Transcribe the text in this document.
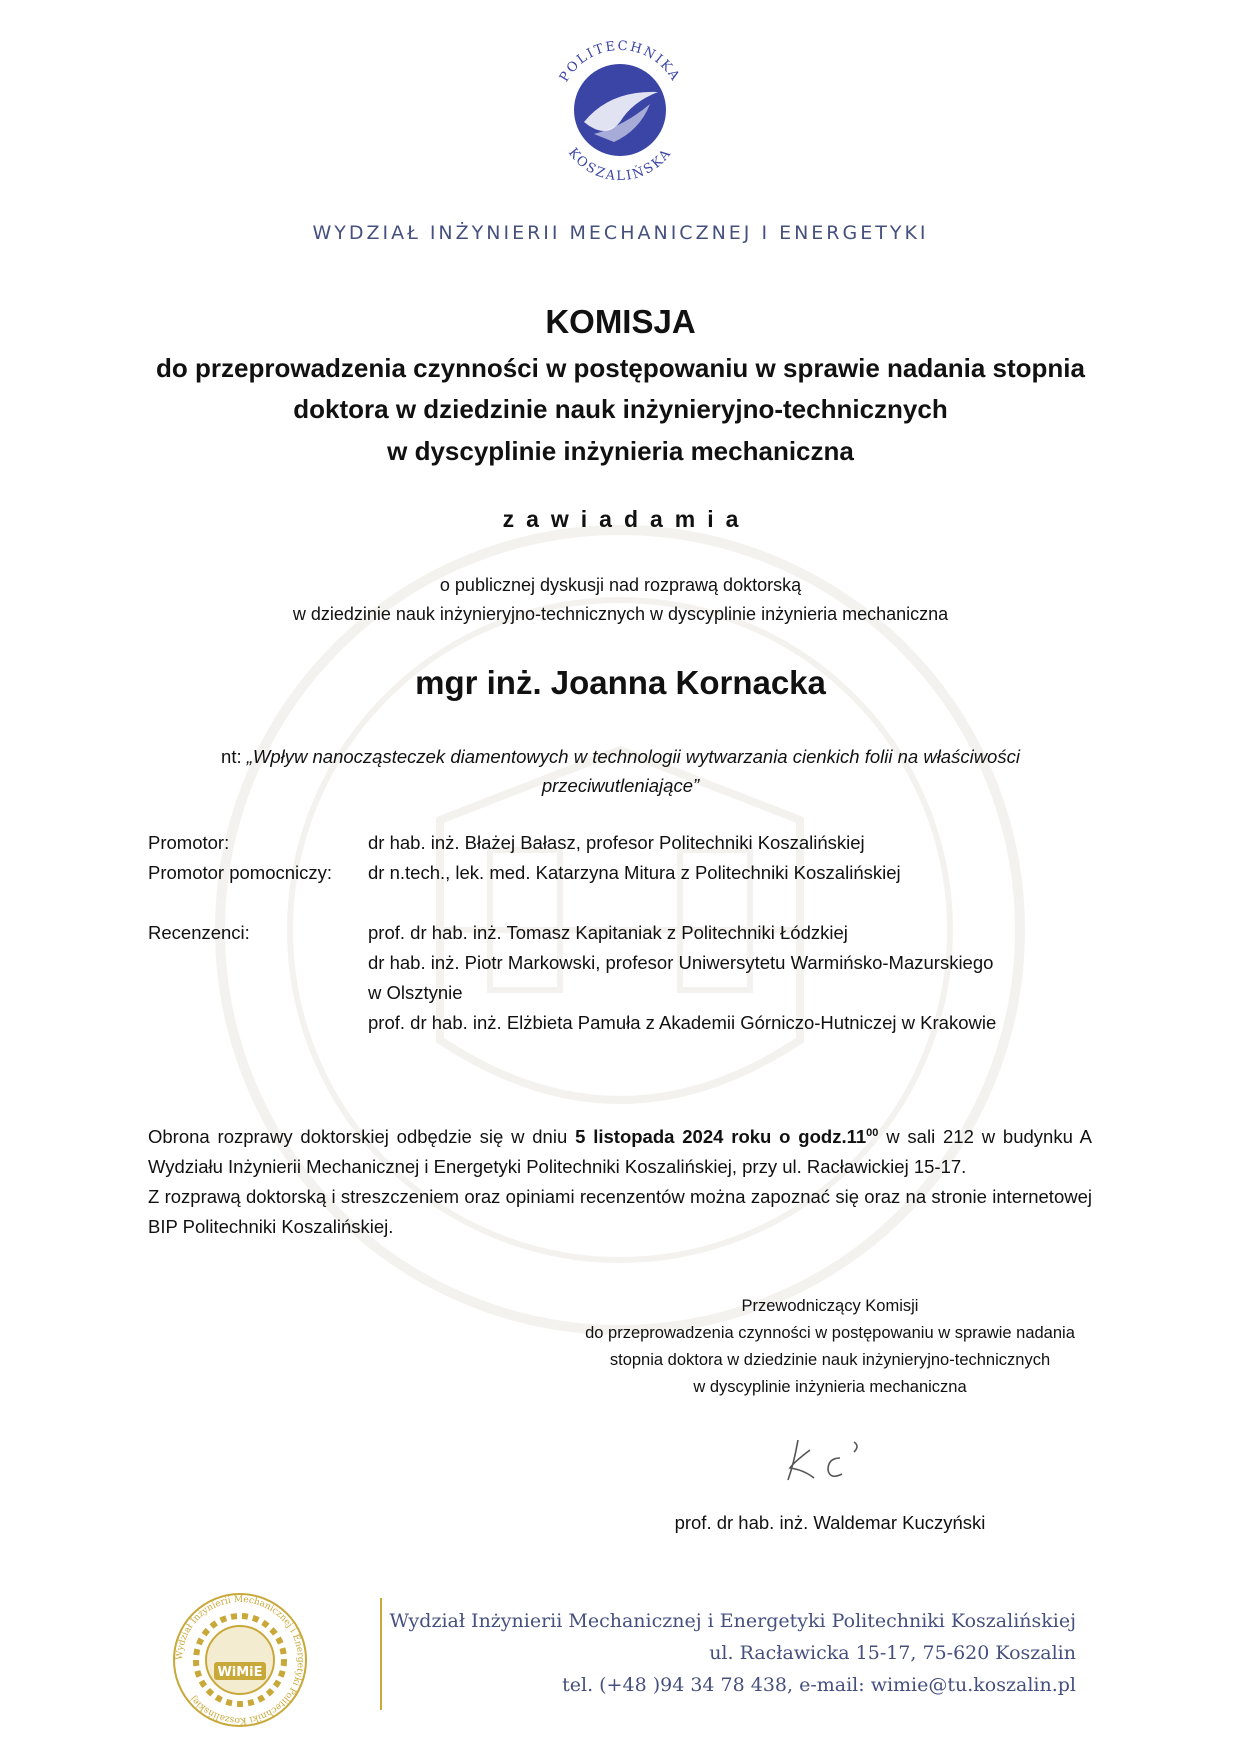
POLITECHNIKA
KOSZALIŃSKA
WYDZIAŁ INŻYNIERII MECHANICZNEJ I ENERGETYKI
KOMISJA
do przeprowadzenia czynności w postępowaniu w sprawie nadania stopnia
doktora w dziedzinie nauk inżynieryjno-technicznych
w dyscyplinie inżynieria mechaniczna
zawiadamia
o publicznej dyskusji nad rozprawą doktorską
w dziedzinie nauk inżynieryjno-technicznych w dyscyplinie inżynieria mechaniczna
mgr inż. Joanna Kornacka
nt: „Wpływ nanocząsteczek diamentowych w technologii wytwarzania cienkich folii na właściwości
przeciwutleniające”
Promotor:	dr hab. inż. Błażej Bałasz, profesor Politechniki Koszalińskiej
Promotor pomocniczy: dr n.tech., lek. med. Katarzyna Mitura z Politechniki Koszalińskiej
Recenzenci:	prof. dr hab. inż. Tomasz Kapitaniak z Politechniki Łódzkiej
dr hab. inż. Piotr Markowski, profesor Uniwersytetu Warmińsko-Mazurskiego
w Olsztynie
prof. dr hab. inż. Elżbieta Pamuła z Akademii Górniczo-Hutniczej w Krakowie
Obrona rozprawy doktorskiej odbędzie się w dniu 5 listopada 2024 roku o $godz.11^{00}$ w sali 212 w budynku A Wydziału Inżynierii Mechanicznej i Energetyki Politechniki Koszalińskiej, przy ul. Racławickiej 15-17.
Z rozprawą doktorską i streszczeniem oraz opiniami recenzentów można zapoznać się oraz na stronie internetowej BIP Politechniki Koszalińskiej.
Przewodniczący Komisji
do przeprowadzenia czynności w postępowaniu w sprawie nadania
stopnia doktora w dziedzinie nauk inżynieryjno-technicznych
w dyscyplinie inżynieria mechaniczna
prof. dr hab. inż. Waldemar Kuczyński
WiMiE
Wydział Inżynierii Mechanicznej i Energetyki Politechniki Koszalińskiej
Wydział Inżynierii Mechanicznej i Energetyki Politechniki Koszalińskiej
ul. Racławicka 15-17, 75-620 Koszalin
tel. (+48 )94 34 78 438, e-mail: wimie@tu.koszalin.pl
